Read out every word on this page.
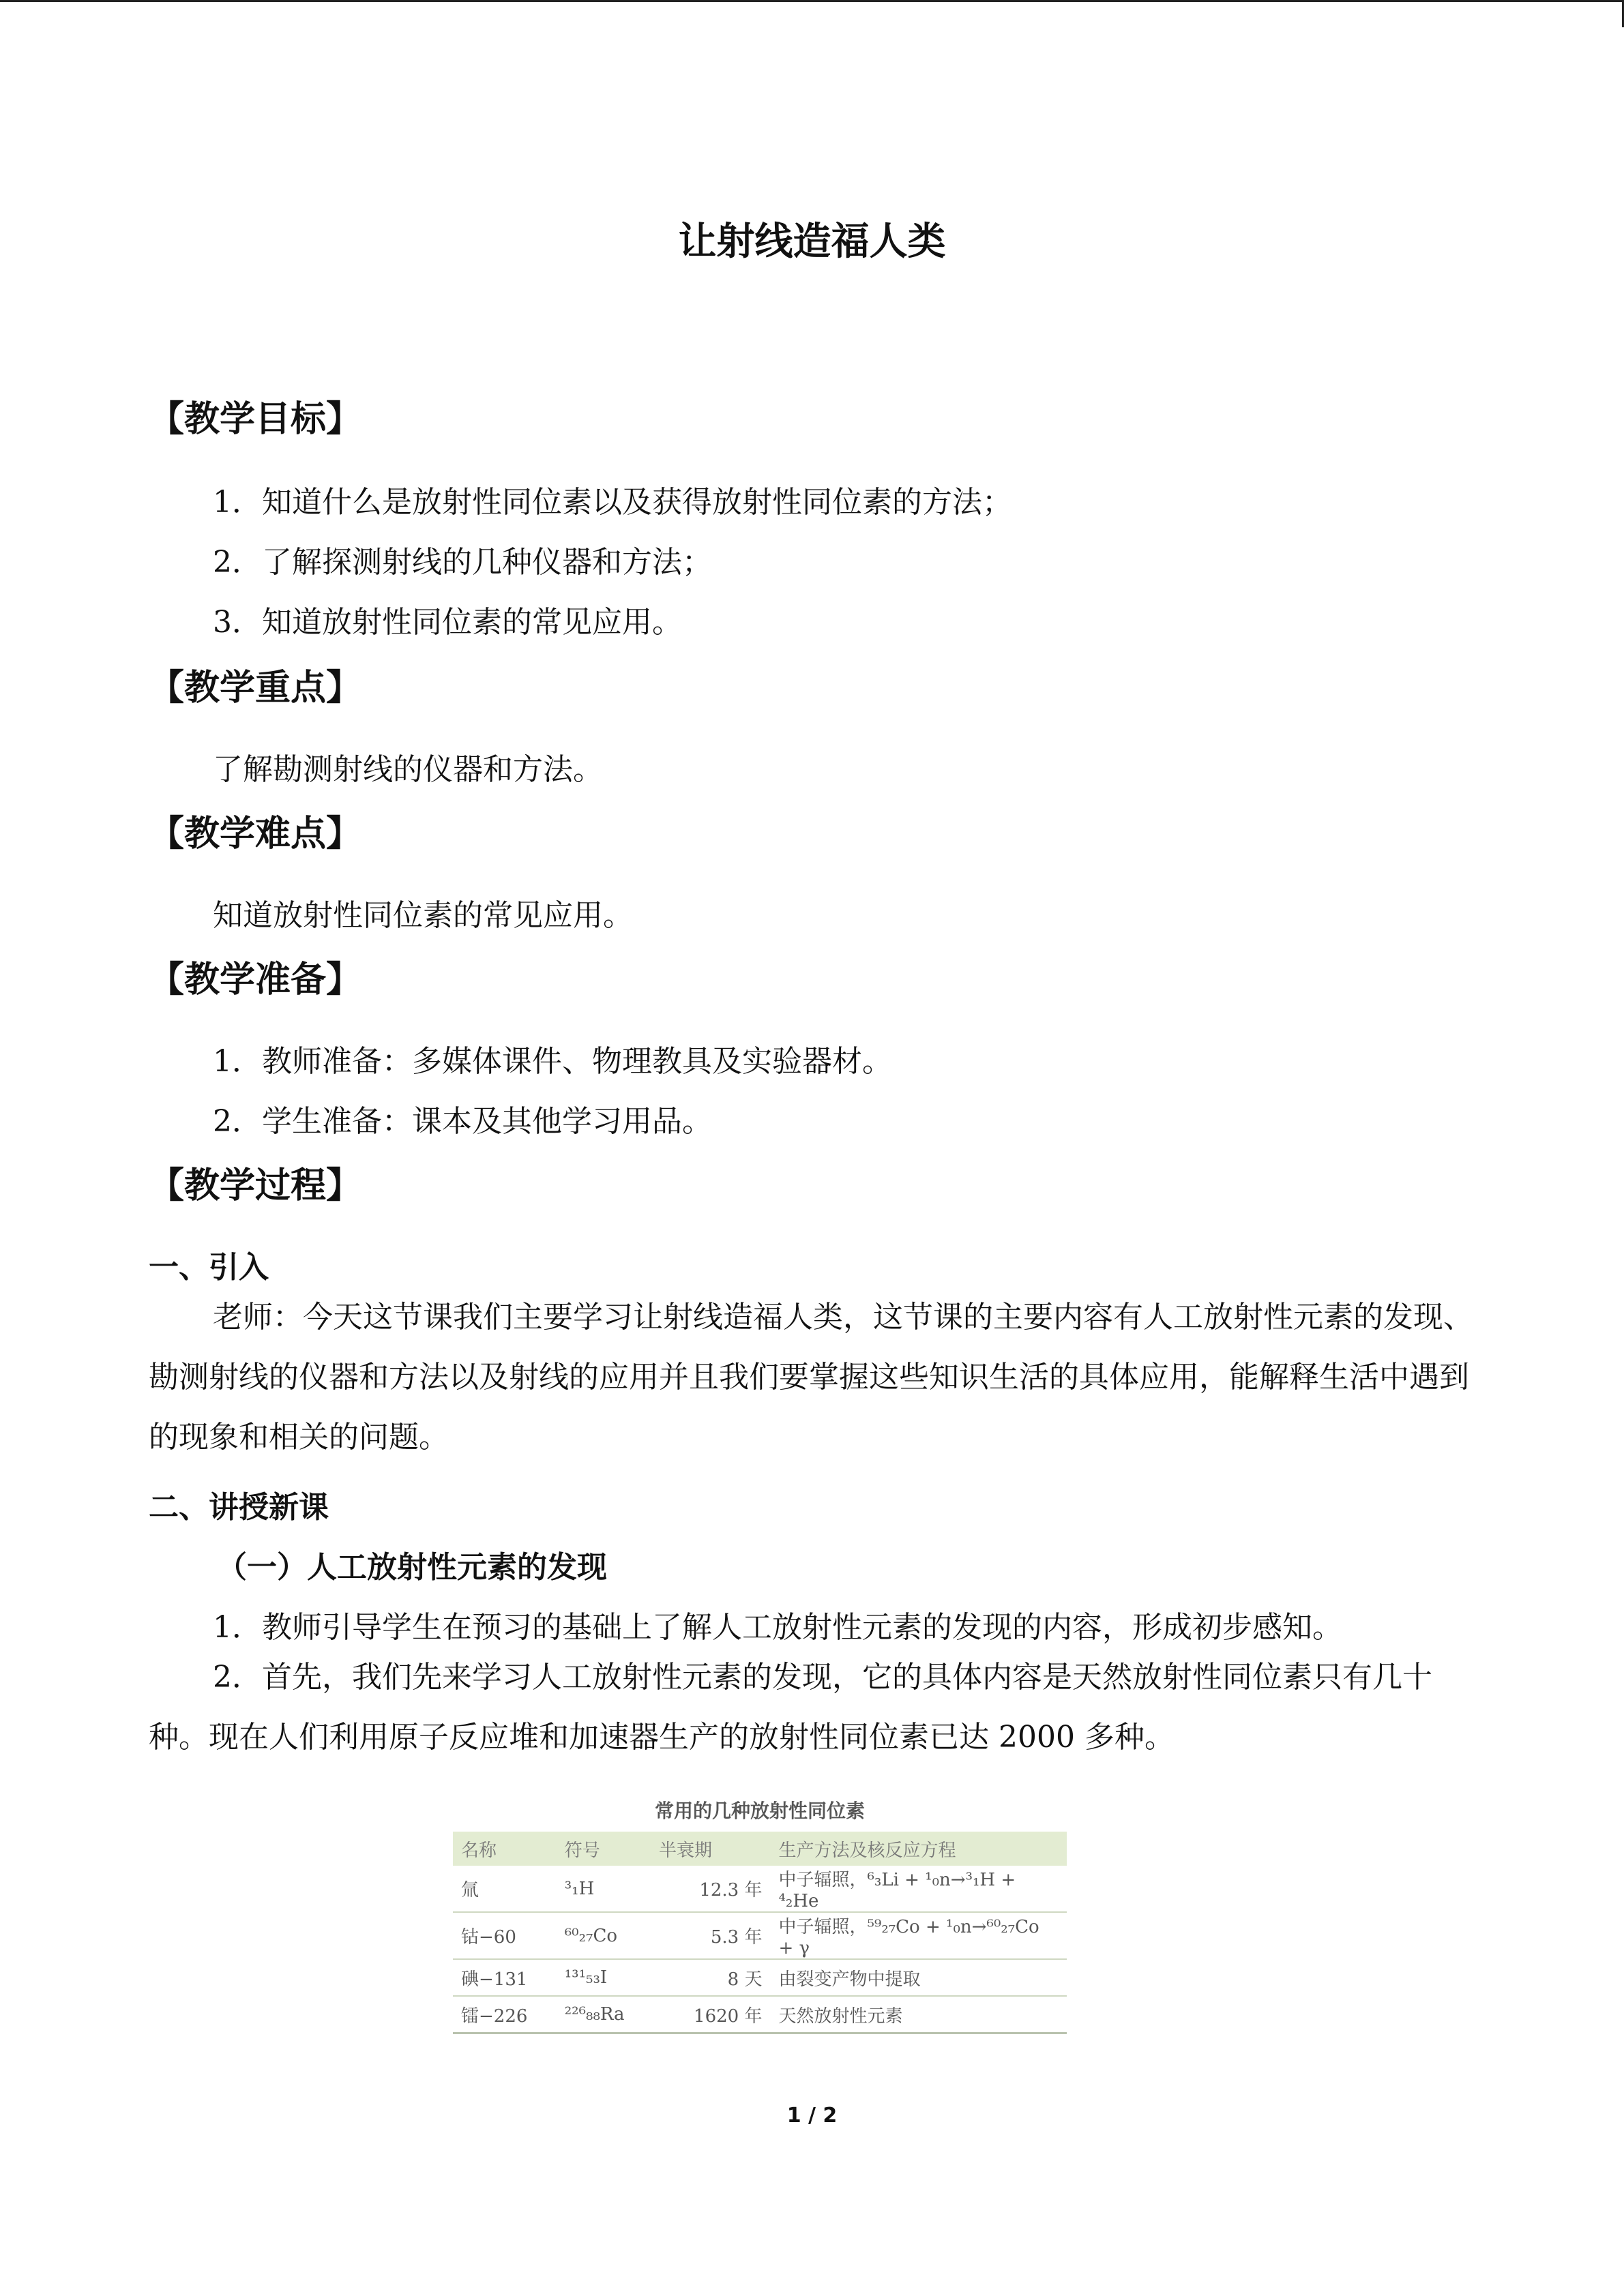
让射线造福人类
【教学目标】
1．知道什么是放射性同位素以及获得放射性同位素的方法；
2．了解探测射线的几种仪器和方法；
3．知道放射性同位素的常见应用。
【教学重点】
了解勘测射线的仪器和方法。
【教学难点】
知道放射性同位素的常见应用。
【教学准备】
1．教师准备：多媒体课件、物理教具及实验器材。
2．学生准备：课本及其他学习用品。
【教学过程】
一、引入
老师：今天这节课我们主要学习让射线造福人类，这节课的主要内容有人工放射性元素的发现、勘测射线的仪器和方法以及射线的应用并且我们要掌握这些知识生活的具体应用，能解释生活中遇到的现象和相关的问题。
二、讲授新课
（一）人工放射性元素的发现
1．教师引导学生在预习的基础上了解人工放射性元素的发现的内容，形成初步感知。
2．首先，我们先来学习人工放射性元素的发现，它的具体内容是天然放射性同位素只有几十种。现在人们利用原子反应堆和加速器生产的放射性同位素已达 2000 多种。
常用的几种放射性同位素
名称	符号	半衰期	生产方法及核反应方程
氚	³₁H	12.3 年	中子辐照，⁶₃Li + ¹₀n→³₁H + ⁴₂He
钴−60	⁶⁰₂₇Co	5.3 年	中子辐照，⁵⁹₂₇Co + ¹₀n→⁶⁰₂₇Co + γ
碘−131	¹³¹₅₃I	8 天	由裂变产物中提取
镭−226	²²⁶₈₈Ra	1620 年	天然放射性元素
1 / 2
